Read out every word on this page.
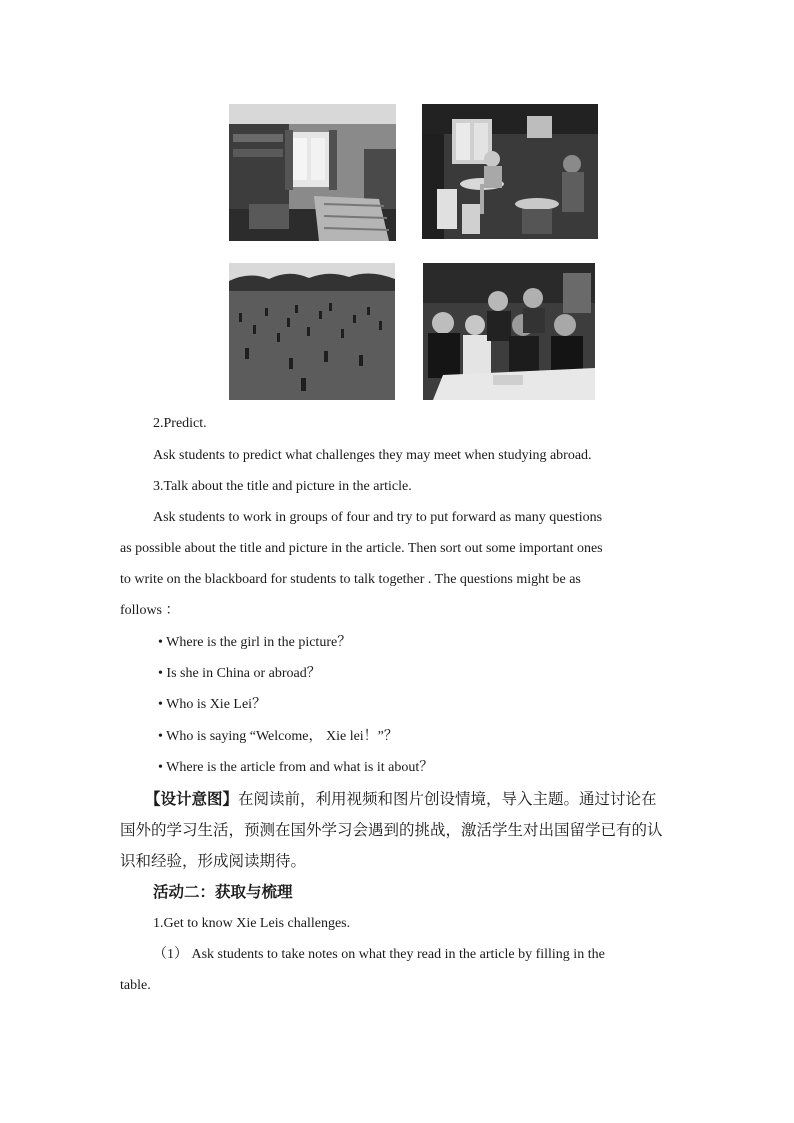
2.Predict.
Ask students to predict what challenges they may meet when studying abroad.
3.Talk about the title and picture in the article.
Ask students to work in groups of four and try to put forward as many questions
as possible about the title and picture in the article. Then sort out some important ones
to write on the blackboard for students to talk together . The questions might be as
follows ：
• Where is the girl in the picture？
• Is she in China or abroad？
• Who is Xie Lei？
• Who is saying “Welcome， Xie lei！”？
• Where is the article from and what is it about？
【设计意图】在阅读前，利用视频和图片创设情境，导入主题。通过讨论在
国外的学习生活，预测在国外学习会遇到的挑战，激活学生对出国留学已有的认
识和经验，形成阅读期待。
活动二：获取与梳理
1.Get to know Xie Leis challenges.
（1） Ask students to take notes on what they read in the article by filling in the
table.
